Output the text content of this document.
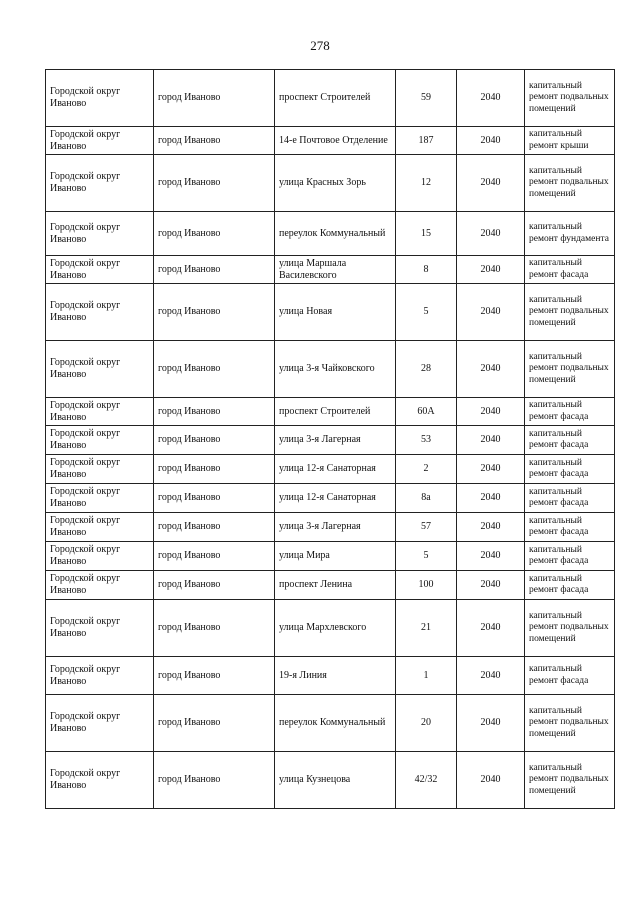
278
Городской округ Иваново	город Иваново	проспект Строителей	59	2040	капитальный ремонт подвальных помещений
Городской округ Иваново	город Иваново	14-е Почтовое Отделение	187	2040	капитальный ремонт крыши
Городской округ Иваново	город Иваново	улица Красных Зорь	12	2040	капитальный ремонт подвальных помещений
Городской округ Иваново	город Иваново	переулок Коммунальный	15	2040	капитальный ремонт фундамента
Городской округ Иваново	город Иваново	улица Маршала Василевского	8	2040	капитальный ремонт фасада
Городской округ Иваново	город Иваново	улица Новая	5	2040	капитальный ремонт подвальных помещений
Городской округ Иваново	город Иваново	улица 3-я Чайковского	28	2040	капитальный ремонт подвальных помещений
Городской округ Иваново	город Иваново	проспект Строителей	60А	2040	капитальный ремонт фасада
Городской округ Иваново	город Иваново	улица 3-я Лагерная	53	2040	капитальный ремонт фасада
Городской округ Иваново	город Иваново	улица 12-я Санаторная	2	2040	капитальный ремонт фасада
Городской округ Иваново	город Иваново	улица 12-я Санаторная	8а	2040	капитальный ремонт фасада
Городской округ Иваново	город Иваново	улица 3-я Лагерная	57	2040	капитальный ремонт фасада
Городской округ Иваново	город Иваново	улица Мира	5	2040	капитальный ремонт фасада
Городской округ Иваново	город Иваново	проспект Ленина	100	2040	капитальный ремонт фасада
Городской округ Иваново	город Иваново	улица Мархлевского	21	2040	капитальный ремонт подвальных помещений
Городской округ Иваново	город Иваново	19-я Линия	1	2040	капитальный ремонт фасада
Городской округ Иваново	город Иваново	переулок Коммунальный	20	2040	капитальный ремонт подвальных помещений
Городской округ Иваново	город Иваново	улица Кузнецова	42/32	2040	капитальный ремонт подвальных помещений
